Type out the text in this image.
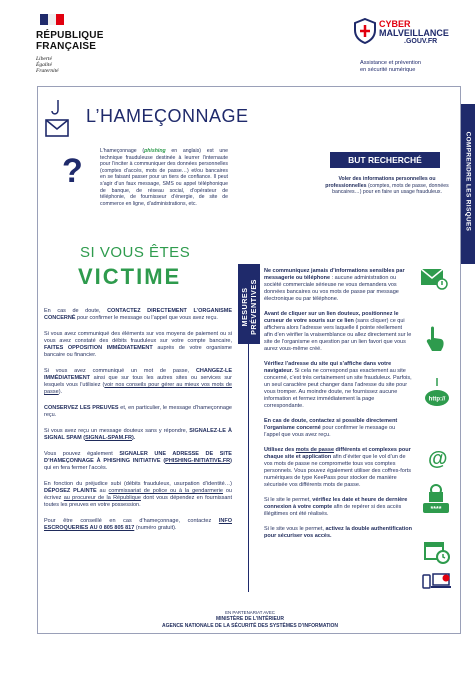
RÉPUBLIQUE
FRANÇAISE
Liberté
Égalité
Fraternité
CYBER
MALVEILLANCE
.GOUV.FR
Assistance et prévention
en sécurité numérique
COMPRENDRE LES RISQUES
L’HAMEÇONNAGE
?

L’hameçonnage (phishing en anglais) est une technique frauduleuse destinée à leurrer l’internaute pour l’inciter à communiquer des données personnelles (comptes d’accès, mots de passe…) et/ou bancaires en se faisant passer pour un tiers de confiance. Il peut s’agir d’un faux message, SMS ou appel téléphonique de banque, de réseau social, d’opérateur de téléphonie, de fournisseur d’énergie, de site de commerce en ligne, d’administrations, etc.

BUT RECHERCHÉ

Voler des informations personnelles ou professionnelles (comptes, mots de passe, données bancaires…) pour en faire un usage frauduleux.

SI VOUS ÊTES
VICTIME

En cas de doute, CONTACTEZ DIRECTEMENT L’ORGANISME CONCERNÉ pour confirmer le message ou l’appel que vous avez reçu.

Si vous avez communiqué des éléments sur vos moyens de paiement ou si vous avez constaté des débits frauduleux sur votre compte bancaire, FAITES OPPOSITION IMMÉDIATEMENT auprès de votre organisme bancaire ou financier.

Si vous avez communiqué un mot de passe, CHANGEZ-LE IMMÉDIATEMENT ainsi que sur tous les autres sites ou services sur lesquels vous l’utilisiez (voir nos conseils pour gérer au mieux vos mots de passe).

CONSERVEZ LES PREUVES et, en particulier, le message d’hameçonnage reçu.

Si vous avez reçu un message douteux sans y répondre, SIGNALEZ-LE À SIGNAL SPAM (SIGNAL-SPAM.FR).

Vous pouvez également SIGNALER UNE ADRESSE DE SITE D’HAMEÇONNAGE À PHISHING INITIATIVE (PHISHING-INITIATIVE.FR) qui en fera fermer l’accès.

En fonction du préjudice subi (débits frauduleux, usurpation d’identité…) DÉPOSEZ PLAINTE au commissariat de police ou à la gendarmerie ou écrivez au procureur de la République dont vous dépendez en fournissant toutes les preuves en votre possession.

Pour être conseillé en cas d’hameçonnage, contactez INFO ESCROQUERIES AU 0 805 805 817 (numéro gratuit).

MESURES PRÉVENTIVES

Ne communiquez jamais d’informations sensibles par messagerie ou téléphone : aucune administration ou société commerciale sérieuse ne vous demandera vos données bancaires ou vos mots de passe par message électronique ou par téléphone.

Avant de cliquer sur un lien douteux, positionnez le curseur de votre souris sur ce lien (sans cliquer) ce qui affichera alors l’adresse vers laquelle il pointe réellement afin d’en vérifier la vraisemblance ou allez directement sur le site de l’organisme en question par un lien favori que vous aurez vous-même créé.

Vérifiez l’adresse du site qui s’affiche dans votre navigateur. Si cela ne correspond pas exactement au site concerné, c’est très certainement un site frauduleux. Parfois, un seul caractère peut changer dans l’adresse du site pour vous tromper. Au moindre doute, ne fournissez aucune information et fermez immédiatement la page correspondante.

En cas de doute, contactez si possible directement l’organisme concerné pour confirmer le message ou l’appel que vous avez reçu.

Utilisez des mots de passe différents et complexes pour chaque site et application afin d’éviter que le vol d’un de vos mots de passe ne compromette tous vos comptes personnels. Vous pouvez également utiliser des coffres-forts numériques de type KeePass pour stocker de manière sécurisée vos différents mots de passe.

Si le site le permet, vérifiez les date et heure de dernière connexion à votre compte afin de repérer si des accès illégitimes ont été réalisés.

Si le site vous le permet, activez la double authentification pour sécuriser vos accès.

http://
@
****
EN PARTENARIAT AVEC
MINISTÈRE DE L’INTÉRIEUR
AGENCE NATIONALE DE LA SÉCURITÉ DES SYSTÈMES D’INFORMATION
